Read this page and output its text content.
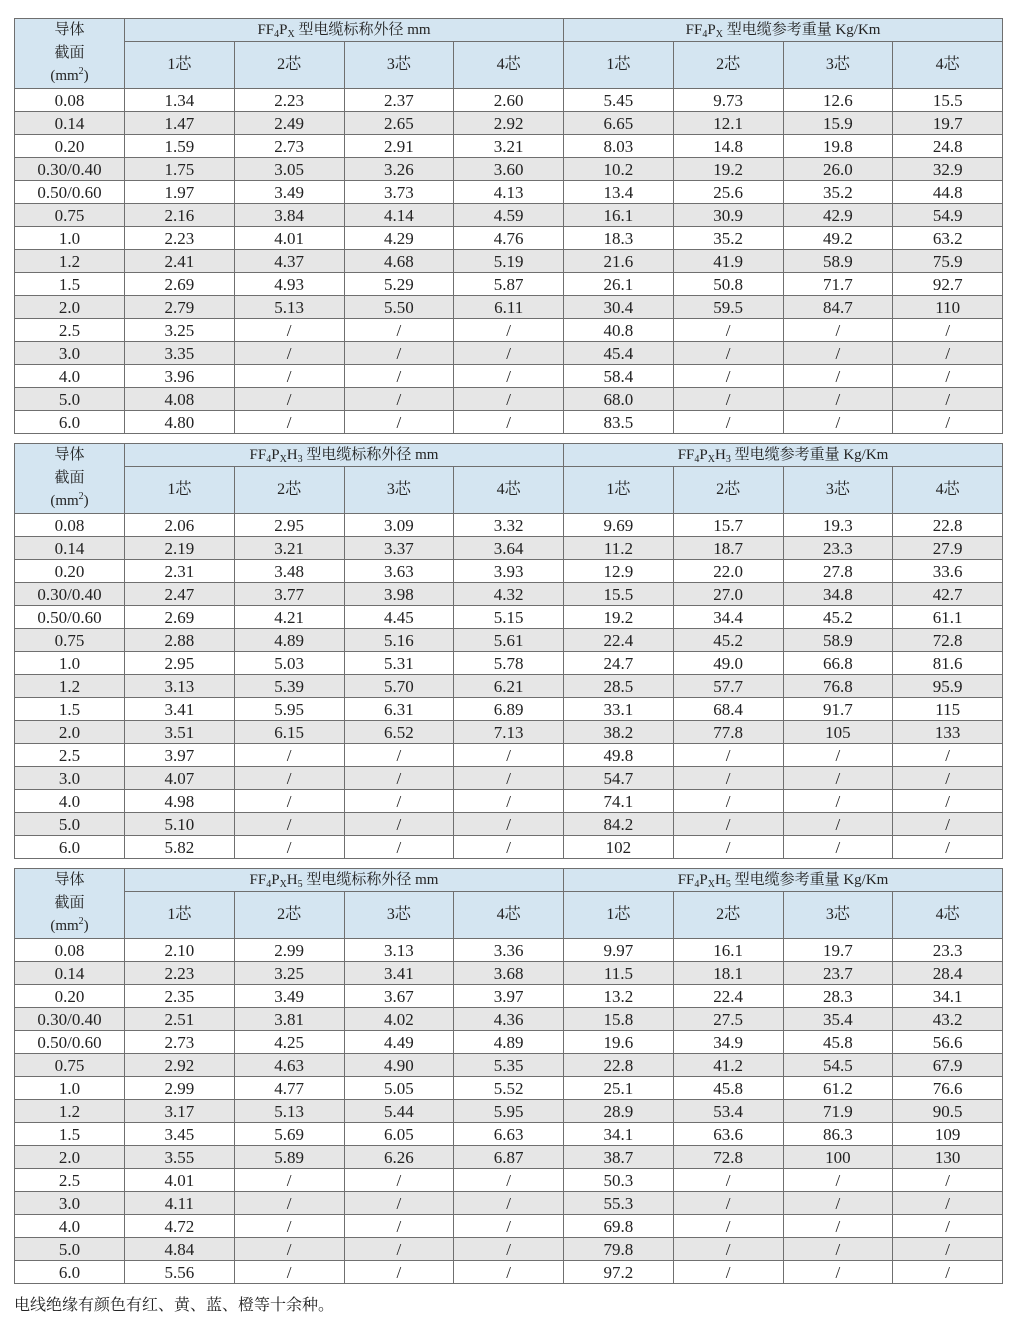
导体
截面
$(mm^2)$	$FF_4P_X$ 型电缆标称外径 mm				$FF_4P_X$ 型电缆参考重量 Kg/Km			
	1芯	2芯	3芯	4芯	1芯	2芯	3芯	4芯
0.08	1.34	2.23	2.37	2.60	5.45	9.73	12.6	15.5
0.14	1.47	2.49	2.65	2.92	6.65	12.1	15.9	19.7
0.20	1.59	2.73	2.91	3.21	8.03	14.8	19.8	24.8
0.30/0.40	1.75	3.05	3.26	3.60	10.2	19.2	26.0	32.9
0.50/0.60	1.97	3.49	3.73	4.13	13.4	25.6	35.2	44.8
0.75	2.16	3.84	4.14	4.59	16.1	30.9	42.9	54.9
1.0	2.23	4.01	4.29	4.76	18.3	35.2	49.2	63.2
1.2	2.41	4.37	4.68	5.19	21.6	41.9	58.9	75.9
1.5	2.69	4.93	5.29	5.87	26.1	50.8	71.7	92.7
2.0	2.79	5.13	5.50	6.11	30.4	59.5	84.7	110
2.5	3.25	/	/	/	40.8	/	/	/
3.0	3.35	/	/	/	45.4	/	/	/
4.0	3.96	/	/	/	58.4	/	/	/
5.0	4.08	/	/	/	68.0	/	/	/
6.0	4.80	/	/	/	83.5	/	/	/
导体
截面
$(mm^2)$	$FF_4P_XH_3$ 型电缆标称外径 mm				$FF_4P_XH_3$ 型电缆参考重量 Kg/Km			
	1芯	2芯	3芯	4芯	1芯	2芯	3芯	4芯
0.08	2.06	2.95	3.09	3.32	9.69	15.7	19.3	22.8
0.14	2.19	3.21	3.37	3.64	11.2	18.7	23.3	27.9
0.20	2.31	3.48	3.63	3.93	12.9	22.0	27.8	33.6
0.30/0.40	2.47	3.77	3.98	4.32	15.5	27.0	34.8	42.7
0.50/0.60	2.69	4.21	4.45	5.15	19.2	34.4	45.2	61.1
0.75	2.88	4.89	5.16	5.61	22.4	45.2	58.9	72.8
1.0	2.95	5.03	5.31	5.78	24.7	49.0	66.8	81.6
1.2	3.13	5.39	5.70	6.21	28.5	57.7	76.8	95.9
1.5	3.41	5.95	6.31	6.89	33.1	68.4	91.7	115
2.0	3.51	6.15	6.52	7.13	38.2	77.8	105	133
2.5	3.97	/	/	/	49.8	/	/	/
3.0	4.07	/	/	/	54.7	/	/	/
4.0	4.98	/	/	/	74.1	/	/	/
5.0	5.10	/	/	/	84.2	/	/	/
6.0	5.82	/	/	/	102	/	/	/
导体
截面
$(mm^2)$	$FF_4P_XH_5$ 型电缆标称外径 mm				$FF_4P_XH_5$ 型电缆参考重量 Kg/Km			
	1芯	2芯	3芯	4芯	1芯	2芯	3芯	4芯
0.08	2.10	2.99	3.13	3.36	9.97	16.1	19.7	23.3
0.14	2.23	3.25	3.41	3.68	11.5	18.1	23.7	28.4
0.20	2.35	3.49	3.67	3.97	13.2	22.4	28.3	34.1
0.30/0.40	2.51	3.81	4.02	4.36	15.8	27.5	35.4	43.2
0.50/0.60	2.73	4.25	4.49	4.89	19.6	34.9	45.8	56.6
0.75	2.92	4.63	4.90	5.35	22.8	41.2	54.5	67.9
1.0	2.99	4.77	5.05	5.52	25.1	45.8	61.2	76.6
1.2	3.17	5.13	5.44	5.95	28.9	53.4	71.9	90.5
1.5	3.45	5.69	6.05	6.63	34.1	63.6	86.3	109
2.0	3.55	5.89	6.26	6.87	38.7	72.8	100	130
2.5	4.01	/	/	/	50.3	/	/	/
3.0	4.11	/	/	/	55.3	/	/	/
4.0	4.72	/	/	/	69.8	/	/	/
5.0	4.84	/	/	/	79.8	/	/	/
6.0	5.56	/	/	/	97.2	/	/	/
电线绝缘有颜色有红、黄、蓝、橙等十余种。
